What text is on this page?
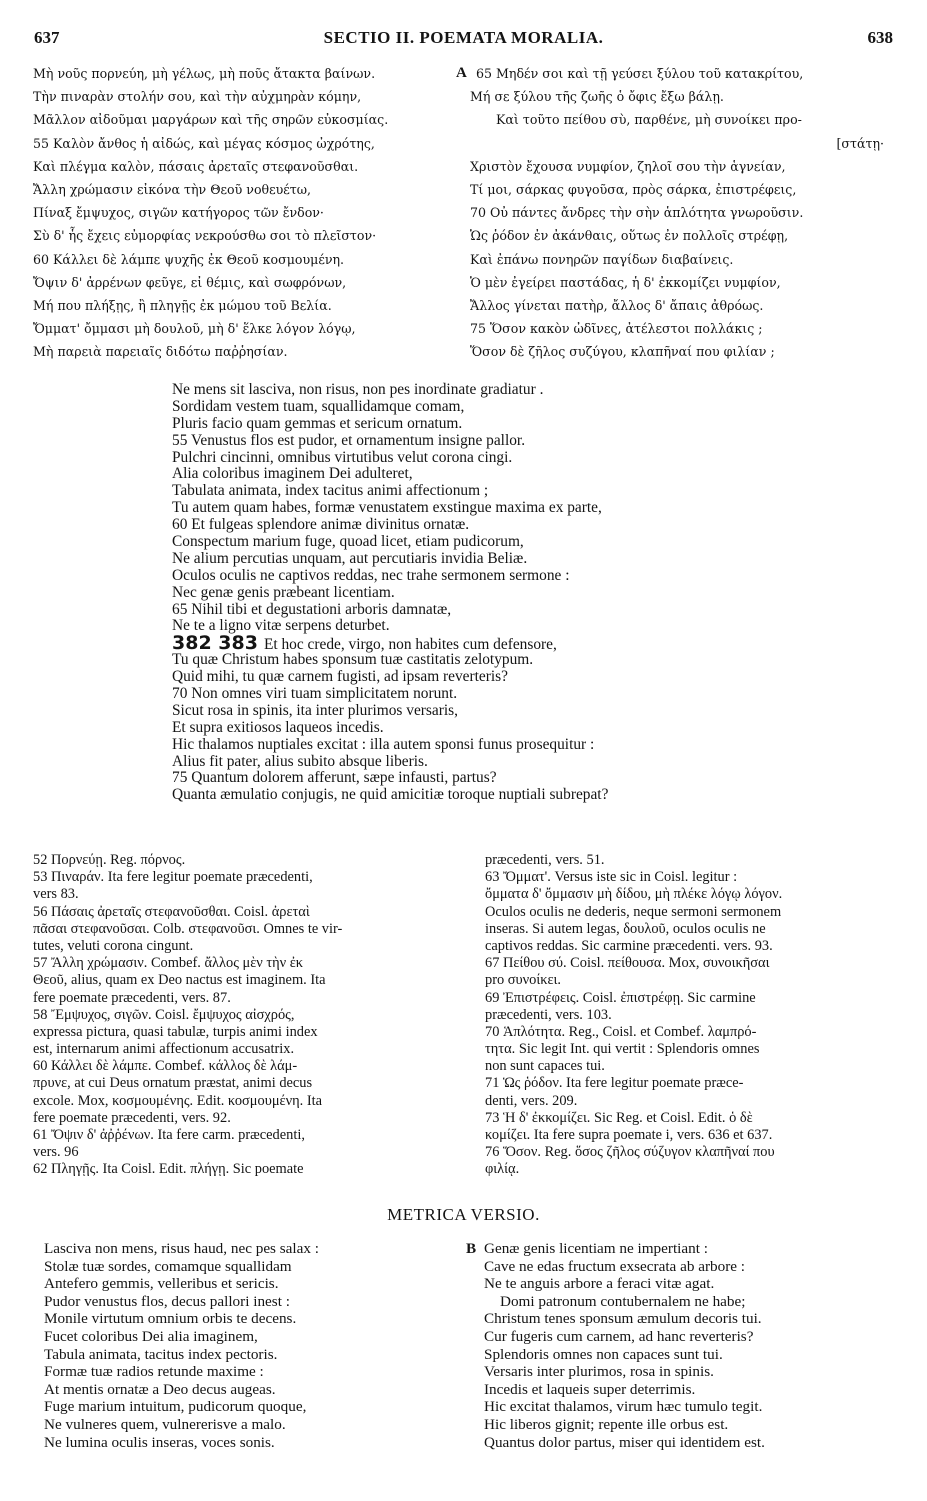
637	SECTIO II. POEMATA MORALIA.	638
Μὴ νοῦς πορνεύη, μὴ γέλως, μὴ ποῦς ἄτακτα βαίνων.
Τὴν πιναρὰν στολήν σου, καὶ τὴν αὐχμηρὰν κόμην,
Μᾶλλον αἰδοῦμαι μαργάρων καὶ τῆς σηρῶν εὐκοσμίας.
55 Καλὸν ἄνθος ἡ αἰδώς, καὶ μέγας κόσμος ὠχρότης,
Καὶ πλέγμα καλὸν, πάσαις ἀρεταῖς στεφανοῦσθαι.
Ἄλλη χρώμασιν εἰκόνα τὴν Θεοῦ νοθευέτω,
Πίναξ ἔμψυχος, σιγῶν κατήγορος τῶν ἔνδον·
Σὺ δ' ἧς ἔχεις εὐμορφίας νεκρούσθω σοι τὸ πλεῖστον·
60 Κάλλει δὲ λάμπε ψυχῆς ἐκ Θεοῦ κοσμουμένη.
Ὄψιν δ' ἀρρένων φεῦγε, εἰ θέμις, καὶ σωφρόνων,
Μή που πλήξῃς, ἢ πληγῇς ἐκ μώμου τοῦ Βελία.
Ὄμματ' ὄμμασι μὴ δουλοῦ, μὴ δ' ἕλκε λόγον λόγῳ,
Μὴ παρειὰ παρειαῖς διδότω παῤῥησίαν.
A 65 Μηδέν σοι καὶ τῇ γεύσει ξύλου τοῦ κατακρίτου,
Μή σε ξύλου τῆς ζωῆς ὁ ὄφις ἔξω βάλῃ.
Καὶ τοῦτο πείθου σὺ, παρθένε, μὴ συνοίκει προ-
[στάτῃ·
Χριστὸν ἔχουσα νυμφίον, ζηλοῖ σου τὴν ἁγνείαν,
Τί μοι, σάρκας φυγοῦσα, πρὸς σάρκα, ἐπιστρέφεις,
70 Οὐ πάντες ἄνδρες τὴν σὴν ἁπλότητα γνωροῦσιν.
Ὡς ῥόδον ἐν ἀκάνθαις, οὕτως ἐν πολλοῖς στρέφῃ,
Καὶ ἐπάνω πονηρῶν παγίδων διαβαίνεις.
Ὁ μὲν ἐγείρει παστάδας, ἡ δ' ἐκκομίζει νυμφίον,
Ἄλλος γίνεται πατὴρ, ἄλλος δ' ἄπαις ἀθρόως.
75 Ὅσον κακὸν ὠδῖνες, ἀτέλεστοι πολλάκις ;
Ὅσον δὲ ζῆλος συζύγου, κλαπῆναί που φιλίαν ;
Ne mens sit lasciva, non risus, non pes inordinate gradiatur .
Sordidam vestem tuam, squallidamque comam,
Pluris facio quam gemmas et sericum ornatum.
55 Venustus flos est pudor, et ornamentum insigne pallor.
Pulchri cincinni, omnibus virtutibus velut corona cingi.
Alia coloribus imaginem Dei adulteret,
Tabulata animata, index tacitus animi affectionum ;
Tu autem quam habes, formæ venustatem exstingue maxima ex parte,
60 Et fulgeas splendore animæ divinitus ornatæ.
Conspectum marium fuge, quoad licet, etiam pudicorum,
Ne alium percutias unquam, aut percutiaris invidia Beliæ.
Oculos oculis ne captivos reddas, nec trahe sermonem sermone :
Nec genæ genis præbeant licentiam.
65 Nihil tibi et degustationi arboris damnatæ,
Ne te a ligno vitæ serpens deturbet.
382 383 Et hoc crede, virgo, non habites cum defensore,
Tu quæ Christum habes sponsum tuæ castitatis zelotypum.
Quid mihi, tu quæ carnem fugisti, ad ipsam reverteris?
70 Non omnes viri tuam simplicitatem norunt.
Sicut rosa in spinis, ita inter plurimos versaris,
Et supra exitiosos laqueos incedis.
Hic thalamos nuptiales excitat : illa autem sponsi funus prosequitur :
Alius fit pater, alius subito absque liberis.
75 Quantum dolorem afferunt, sæpe infausti, partus?
Quanta æmulatio conjugis, ne quid amicitiæ toroque nuptiali subrepat?
52 Πορνεύῃ. Reg. πόρνος.
53 Πιναράν. Ita fere legitur poemate præcedenti,
vers 83.
56 Πάσαις ἀρεταῖς στεφανοῦσθαι. Coisl. ἀρεταὶ
πᾶσαι στεφανοῦσαι. Colb. στεφανοῦσι. Omnes te vir-
tutes, veluti corona cingunt.
57 Ἄλλη χρώμασιν. Combef. ἄλλος μὲν τὴν ἐκ
Θεοῦ, alius, quam ex Deo nactus est imaginem. Ita
fere poemate præcedenti, vers. 87.
58 Ἔμψυχος, σιγῶν. Coisl. ἔμψυχος αἰσχρός,
expressa pictura, quasi tabulæ, turpis animi index
est, internarum animi affectionum accusatrix.
60 Κάλλει δὲ λάμπε. Combef. κάλλος δὲ λάμ-
πρυνε, at cui Deus ornatum præstat, animi decus
excole. Mox, κοσμουμένης. Edit. κοσμουμένη. Ita
fere poemate præcedenti, vers. 92.
61 Ὄψιν δ' ἀῤῥένων. Ita fere carm. præcedenti,
vers. 96
62 Πληγῇς. Ita Coisl. Edit. πλήγῃ. Sic poemate
præcedenti, vers. 51.
63 Ὄμματ'. Versus iste sic in Coisl. legitur :
ὄμματα δ' ὄμμασιν μὴ δίδου, μὴ πλέκε λόγῳ λόγον.
Oculos oculis ne dederis, neque sermoni sermonem
inseras. Si autem legas, δουλοῦ, oculos oculis ne
captivos reddas. Sic carmine præcedenti. vers. 93.
67 Πείθου σύ. Coisl. πείθουσα. Mox, συνοικῆσαι
pro συνοίκει.
69 Ἐπιστρέφεις. Coisl. ἐπιστρέφῃ. Sic carmine
præcedenti, vers. 103.
70 Ἁπλότητα. Reg., Coisl. et Combef. λαμπρό-
τητα. Sic legit Int. qui vertit : Splendoris omnes
non sunt capaces tui.
71 Ὡς ῥόδον. Ita fere legitur poemate præce-
denti, vers. 209.
73 Ἡ δ' ἐκκομίζει. Sic Reg. et Coisl. Edit. ὁ δὲ
κομίζει. Ita fere supra poemate i, vers. 636 et 637.
76 Ὅσον. Reg. ὅσος ζῆλος σύζυγον κλαπῆναί που
φιλίᾳ.
METRICA VERSIO.
Lasciva non mens, risus haud, nec pes salax :
Stolæ tuæ sordes, comamque squallidam
Antefero gemmis, velleribus et sericis.
Pudor venustus flos, decus pallori inest :
Monile virtutum omnium orbis te decens.
Fucet coloribus Dei alia imaginem,
Tabula animata, tacitus index pectoris.
Formæ tuæ radios retunde maxime :
At mentis ornatæ a Deo decus augeas.
Fuge marium intuitum, pudicorum quoque,
Ne vulneres quem, vulnererisve a malo.
Ne lumina oculis inseras, voces sonis.
B Genæ genis licentiam ne impertiant :
Cave ne edas fructum exsecrata ab arbore :
Ne te anguis arbore a feraci vitæ agat.
Domi patronum contubernalem ne habe;
Christum tenes sponsum æmulum decoris tui.
Cur fugeris cum carnem, ad hanc reverteris?
Splendoris omnes non capaces sunt tui.
Versaris inter plurimos, rosa in spinis.
Incedis et laqueis super deterrimis.
Hic excitat thalamos, virum hæc tumulo tegit.
Hic liberos gignit; repente ille orbus est.
Quantus dolor partus, miser qui identidem est.
